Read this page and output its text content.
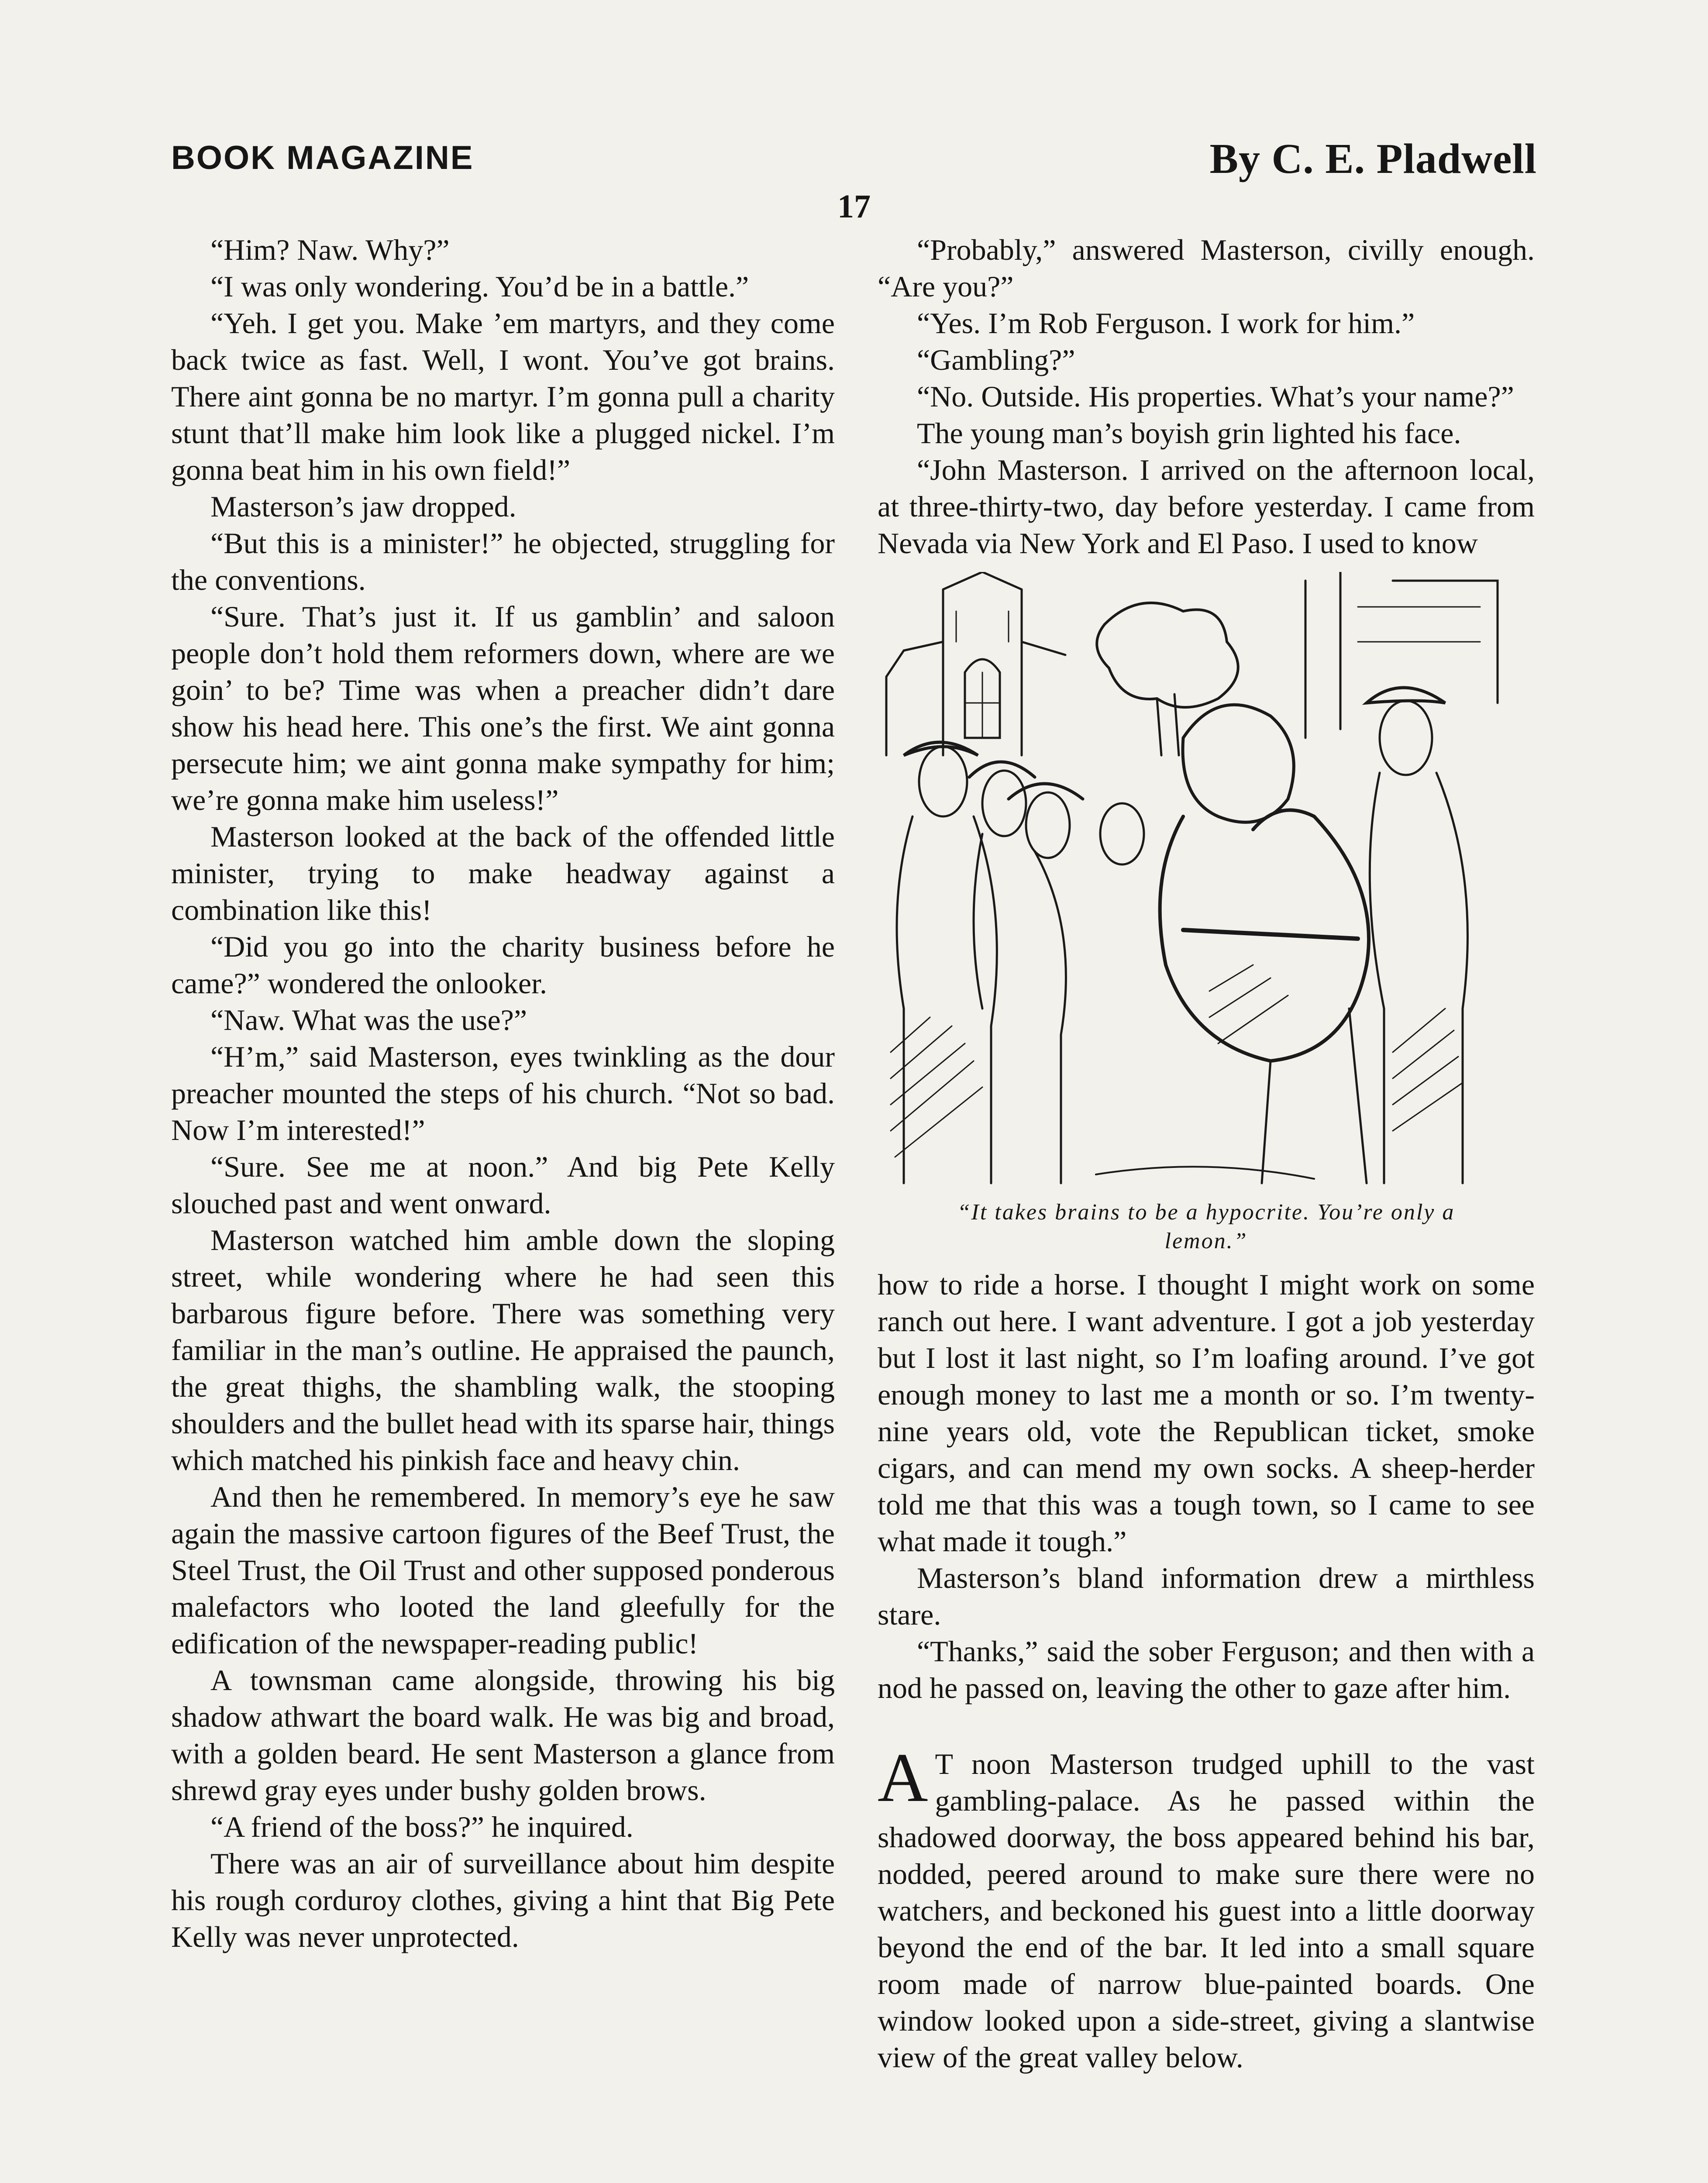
BOOK MAGAZINE	By C. E. Pladwell
17

“Him? Naw. Why?”

“I was only wondering. You’d be in a battle.”

“Yeh. I get you. Make ’em martyrs, and they come back twice as fast. Well, I wont. You’ve got brains. There aint gonna be no martyr. I’m gonna pull a charity stunt that’ll make him look like a plugged nickel. I’m gonna beat him in his own field!”

Masterson’s jaw dropped.

“But this is a minister!” he objected, struggling for the conventions.

“Sure. That’s just it. If us gamblin’ and saloon people don’t hold them reformers down, where are we goin’ to be? Time was when a preacher didn’t dare show his head here. This one’s the first. We aint gonna persecute him; we aint gonna make sympathy for him; we’re gonna make him useless!”

Masterson looked at the back of the offended little minister, trying to make headway against a combination like this!

“Did you go into the charity business before he came?” wondered the onlooker.

“Naw. What was the use?”

“H’m,” said Masterson, eyes twinkling as the dour preacher mounted the steps of his church. “Not so bad. Now I’m interested!”

“Sure. See me at noon.” And big Pete Kelly slouched past and went onward.

Masterson watched him amble down the sloping street, while wondering where he had seen this barbarous figure before. There was something very familiar in the man’s outline. He appraised the paunch, the great thighs, the shambling walk, the stooping shoulders and the bullet head with its sparse hair, things which matched his pinkish face and heavy chin.

And then he remembered. In memory’s eye he saw again the massive cartoon figures of the Beef Trust, the Steel Trust, the Oil Trust and other supposed ponderous malefactors who looted the land gleefully for the edification of the newspaper-reading public!

A townsman came alongside, throwing his big shadow athwart the board walk. He was big and broad, with a golden beard. He sent Masterson a glance from shrewd gray eyes under bushy golden brows.

“A friend of the boss?” he inquired.

There was an air of surveillance about him despite his rough corduroy clothes, giving a hint that Big Pete Kelly was never unprotected.

“Probably,” answered Masterson, civilly enough. “Are you?”

“Yes. I’m Rob Ferguson. I work for him.”

“Gambling?”

“No. Outside. His properties. What’s your name?”

The young man’s boyish grin lighted his face.

“John Masterson. I arrived on the afternoon local, at three-thirty-two, day before yesterday. I came from Nevada via New York and El Paso. I used to know

“It takes brains to be a hypocrite. You’re only a lemon.”

how to ride a horse. I thought I might work on some ranch out here. I want adventure. I got a job yesterday but I lost it last night, so I’m loafing around. I’ve got enough money to last me a month or so. I’m twenty-nine years old, vote the Republican ticket, smoke cigars, and can mend my own socks. A sheep-herder told me that this was a tough town, so I came to see what made it tough.”

Masterson’s bland information drew a mirthless stare.

“Thanks,” said the sober Ferguson; and then with a nod he passed on, leaving the other to gaze after him.

A T noon Masterson trudged uphill to the vast gambling-palace. As he passed within the shadowed doorway, the boss appeared behind his bar, nodded, peered around to make sure there were no watchers, and beckoned his guest into a little doorway beyond the end of the bar. It led into a small square room made of narrow blue-painted boards. One window looked upon a side-street, giving a slantwise view of the great valley below.
